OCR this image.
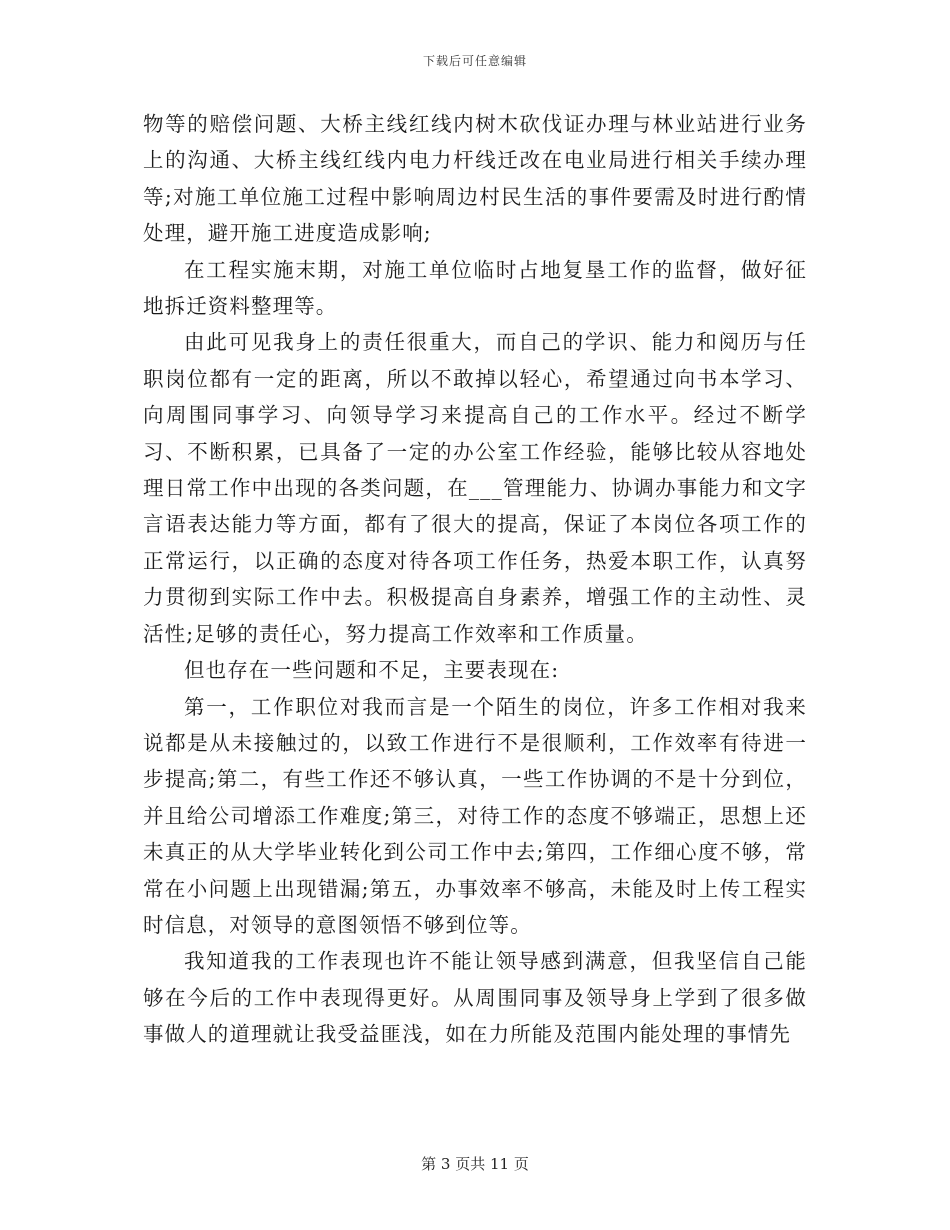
下载后可任意编辑

物等的赔偿问题、大桥主线红线内树木砍伐证办理与林业站进行业务上的沟通、大桥主线红线内电力杆线迁改在电业局进行相关手续办理等;对施工单位施工过程中影响周边村民生活的事件要需及时进行酌情处理，避开施工进度造成影响;

在工程实施末期，对施工单位临时占地复垦工作的监督，做好征地拆迁资料整理等。

由此可见我身上的责任很重大，而自己的学识、能力和阅历与任职岗位都有一定的距离，所以不敢掉以轻心，希望通过向书本学习、向周围同事学习、向领导学习来提高自己的工作水平。经过不断学习、不断积累，已具备了一定的办公室工作经验，能够比较从容地处理日常工作中出现的各类问题，在___管理能力、协调办事能力和文字言语表达能力等方面，都有了很大的提高，保证了本岗位各项工作的正常运行，以正确的态度对待各项工作任务，热爱本职工作，认真努力贯彻到实际工作中去。积极提高自身素养，增强工作的主动性、灵活性;足够的责任心，努力提高工作效率和工作质量。

但也存在一些问题和不足，主要表现在:

第一，工作职位对我而言是一个陌生的岗位，许多工作相对我来说都是从未接触过的，以致工作进行不是很顺利，工作效率有待进一步提高;第二，有些工作还不够认真，一些工作协调的不是十分到位，并且给公司增添工作难度;第三，对待工作的态度不够端正，思想上还未真正的从大学毕业转化到公司工作中去;第四，工作细心度不够，常常在小问题上出现错漏;第五，办事效率不够高，未能及时上传工程实时信息，对领导的意图领悟不够到位等。

我知道我的工作表现也许不能让领导感到满意，但我坚信自己能够在今后的工作中表现得更好。从周围同事及领导身上学到了很多做事做人的道理就让我受益匪浅，如在力所能及范围内能处理的事情先

第 3 页共 11 页
